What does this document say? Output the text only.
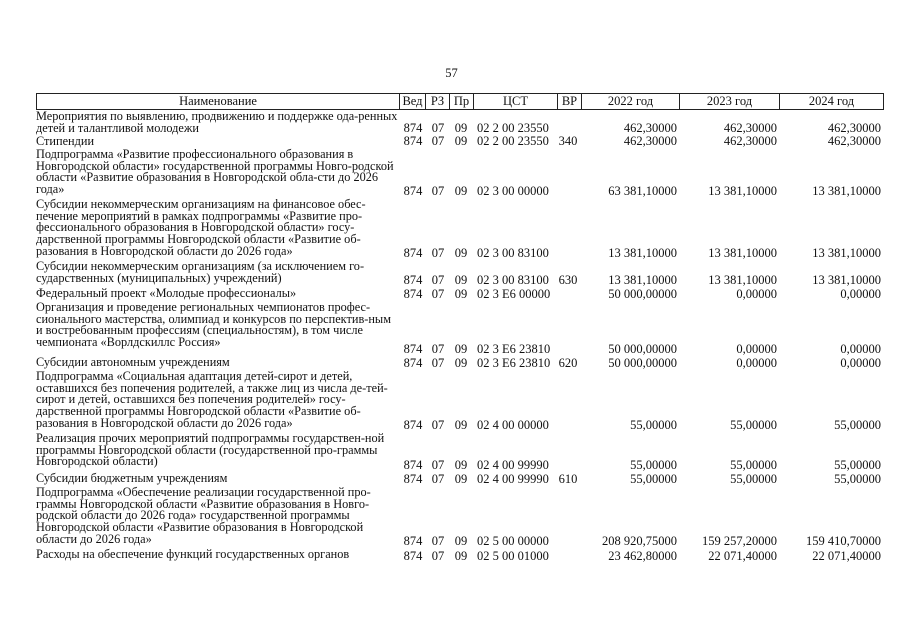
57
Наименование	Вед РЗ Пр	ЦСТ	ВР	2022 год	2023 год	2024 год
Мероприятия по выявлению, продвижению и поддержке ода-ренных детей и талантливой молодежи	874 07 09 02 2 00 23550	462,30000	462,30000	462,30000
Стипендии	874 07 09 02 2 00 23550 340	462,30000	462,30000	462,30000
Подпрограмма «Развитие профессионального образования в Новгородской области» государственной программы Новго-родской области «Развитие образования в Новгородской обла-сти до 2026 года»	874 07 09 02 3 00 00000	63 381,10000	13 381,10000	13 381,10000
Субсидии некоммерческим организациям на финансовое обес-печение мероприятий в рамках подпрограммы «Развитие про-фессионального образования в Новгородской области» госу-дарственной программы Новгородской области «Развитие об-разования в Новгородской области до 2026 года»	874 07 09 02 3 00 83100	13 381,10000	13 381,10000	13 381,10000
Субсидии некоммерческим организациям (за исключением го-сударственных (муниципальных) учреждений)	874 07 09 02 3 00 83100 630	13 381,10000	13 381,10000	13 381,10000
Федеральный проект «Молодые профессионалы»	874 07 09 02 3 Е6 00000	50 000,00000	0,00000	0,00000
Организация и проведение региональных чемпионатов профес-сионального мастерства, олимпиад и конкурсов по перспектив-ным и востребованным профессиям (специальностям), в том числе чемпионата «Ворлдскиллс Россия»	874 07 09 02 3 Е6 23810	50 000,00000	0,00000	0,00000
Субсидии автономным учреждениям	874 07 09 02 3 Е6 23810 620	50 000,00000	0,00000	0,00000
Подпрограмма «Социальная адаптация детей-сирот и детей, оставшихся без попечения родителей, а также лиц из числа де-тей-сирот и детей, оставшихся без попечения родителей» госу-дарственной программы Новгородской области «Развитие об-разования в Новгородской области до 2026 года»	874 07 09 02 4 00 00000	55,00000	55,00000	55,00000
Реализация прочих мероприятий подпрограммы государствен-ной программы Новгородской области (государственной про-граммы Новгородской области)	874 07 09 02 4 00 99990	55,00000	55,00000	55,00000
Субсидии бюджетным учреждениям	874 07 09 02 4 00 99990 610	55,00000	55,00000	55,00000
Подпрограмма «Обеспечение реализации государственной про-граммы Новгородской области «Развитие образования в Новго-родской области до 2026 года» государственной программы Новгородской области «Развитие образования в Новгородской области до 2026 года»	874 07 09 02 5 00 00000	208 920,75000	159 257,20000	159 410,70000
Расходы на обеспечение функций государственных органов	874 07 09 02 5 00 01000	23 462,80000	22 071,40000	22 071,40000
